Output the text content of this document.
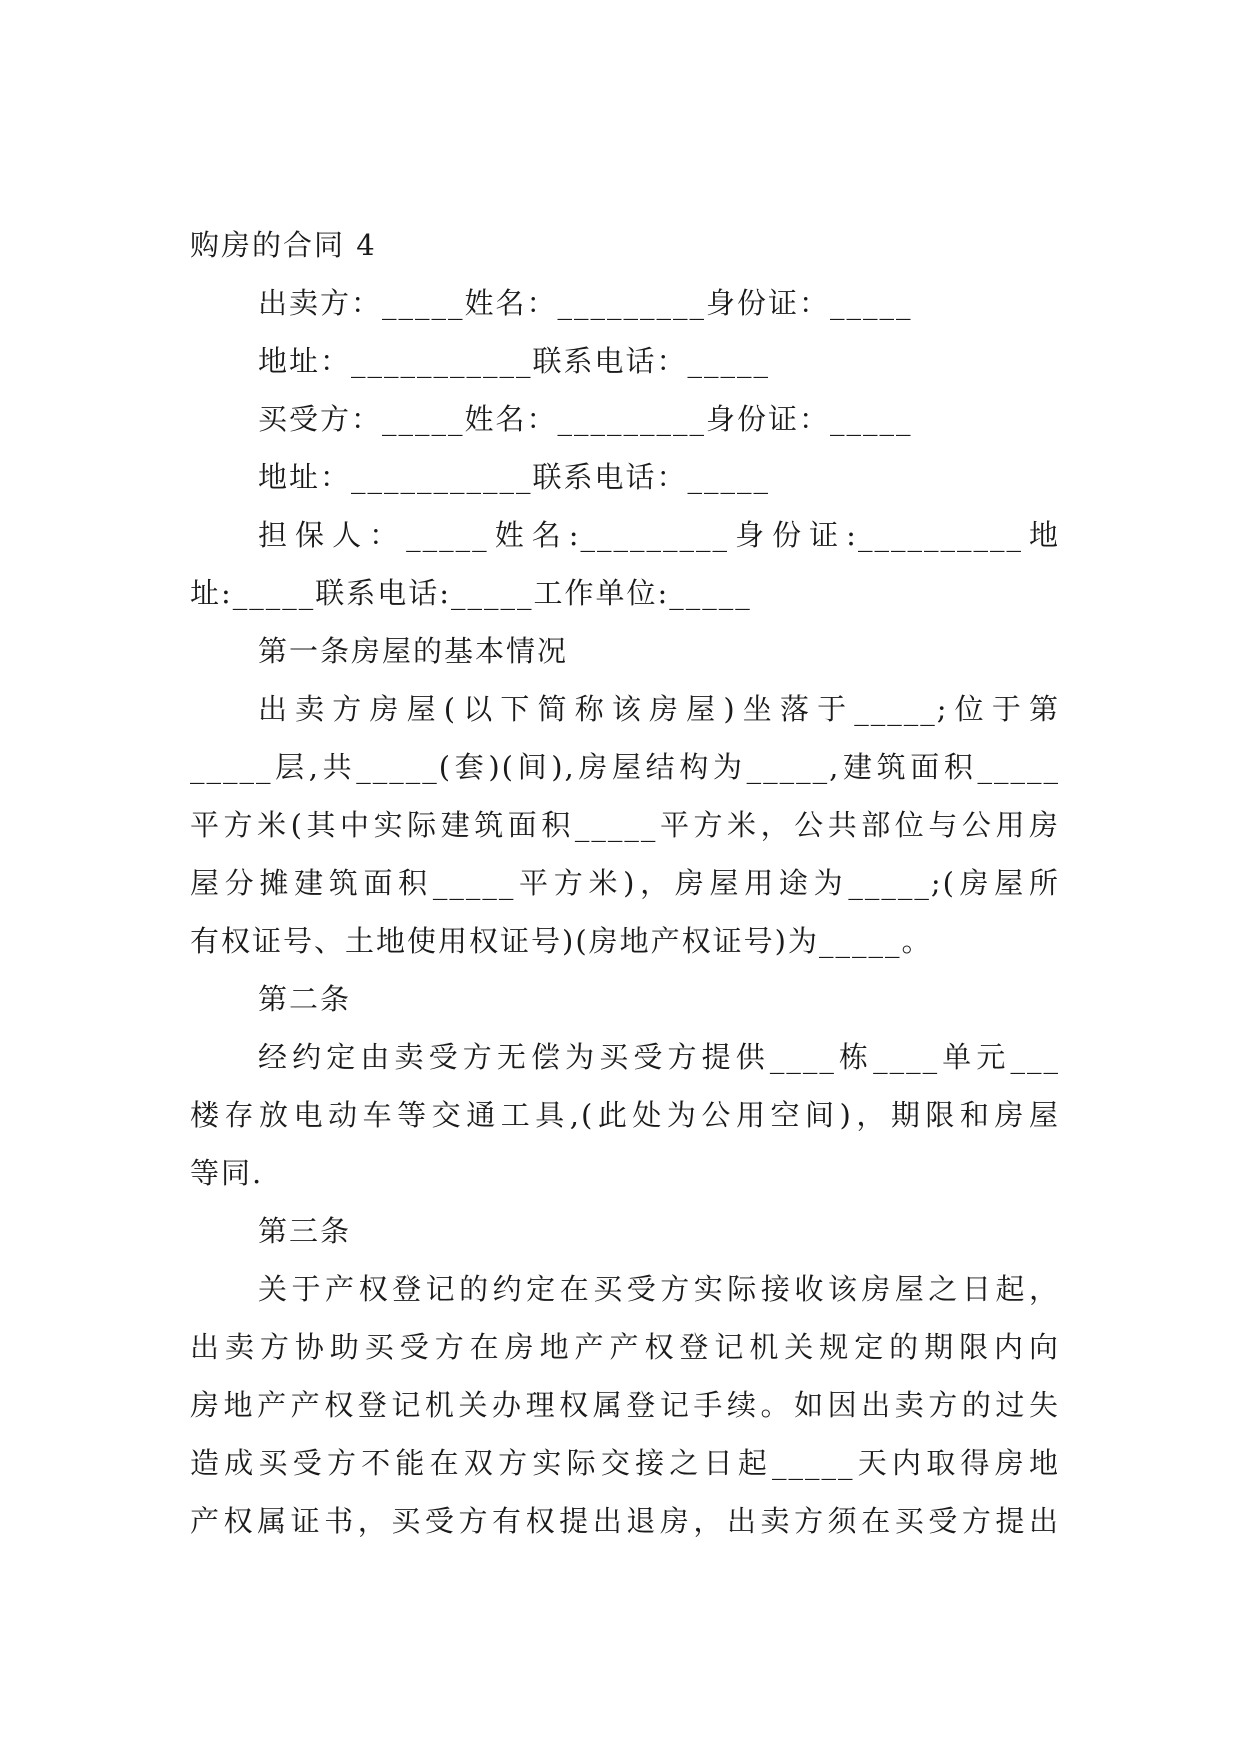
购房的合同 4
出卖方：_____姓名：_________身份证：_____
地址：___________联系电话：_____
买受方：_____姓名：_________身份证：_____
地址：___________联系电话：_____
担保人：_____姓名:_________身份证:__________地
址:_____联系电话:_____工作单位:_____
第一条房屋的基本情况
出卖方房屋(以下简称该房屋)坐落于_____;位于第
_____层,共_____(套)(间),房屋结构为_____,建筑面积_____
平方米(其中实际建筑面积_____平方米，公共部位与公用房
屋分摊建筑面积_____平方米)，房屋用途为_____;(房屋所
有权证号、土地使用权证号)(房地产权证号)为_____。
第二条
经约定由卖受方无偿为买受方提供____栋____单元___
楼存放电动车等交通工具,(此处为公用空间)，期限和房屋
等同.
第三条
关于产权登记的约定在买受方实际接收该房屋之日起，
出卖方协助买受方在房地产产权登记机关规定的期限内向
房地产产权登记机关办理权属登记手续。如因出卖方的过失
造成买受方不能在双方实际交接之日起_____天内取得房地
产权属证书，买受方有权提出退房，出卖方须在买受方提出
